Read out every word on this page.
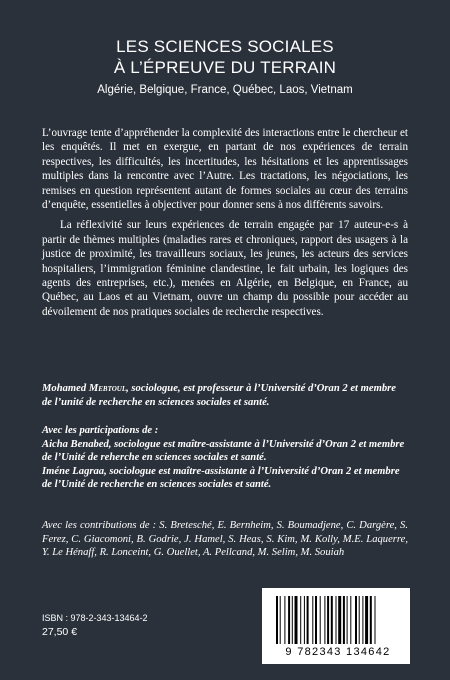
LES SCIENCES SOCIALES

À L’ÉPREUVE DU TERRAIN

Algérie, Belgique, France, Québec, Laos, Vietnam

L’ouvrage tente d’appréhender la complexité des interactions entre le chercheur et les enquêtés. Il met en exergue, en partant de nos expériences de terrain respectives, les difficultés, les incertitudes, les hésitations et les apprentissages multiples dans la rencontre avec l’Autre. Les tractations, les négociations, les remises en question représentent autant de formes sociales au cœur des terrains d’enquête, essentielles à objectiver pour donner sens à nos différents savoirs.

La réflexivité sur leurs expériences de terrain engagée par 17 auteur-e-s à partir de thèmes multiples (maladies rares et chroniques, rapport des usagers à la justice de proximité, les travailleurs sociaux, les jeunes, les acteurs des services hospitaliers, l’immigration féminine clandestine, le fait urbain, les logiques des agents des entreprises, etc.), menées en Algérie, en Belgique, en France, au Québec, au Laos et au Vietnam, ouvre un champ du possible pour accéder au dévoilement de nos pratiques sociales de recherche respectives.

Mohamed Mebtoul, sociologue, est professeur à l’Université d’Oran 2 et membre de l’unité de recherche en sciences sociales et santé.

Avec les participations de :

Aicha Benabed, sociologue est maître-assistante à l’Université d’Oran 2 et membre de l’Unité de reherche en sciences sociales et santé.

Iméne Lagraa, sociologue est maître-assistante à l’Université d’Oran 2 et membre de l’Unité de recherche en sciences sociales et santé.

Avec les contributions de : S. Bretesché, E. Bernheim, S. Boumadjene, C. Dargère, S. Ferez, C. Giacomoni, B. Godrie, J. Hamel, S. Heas, S. Kim, M. Kolly, M.E. Laquerre, Y. Le Hénaff, R. Lonceint, G. Ouellet, A. Pellcand, M. Selim, M. Souiah

ISBN : 978-2-343-13464-2
27,50 €
9 782343 134642
